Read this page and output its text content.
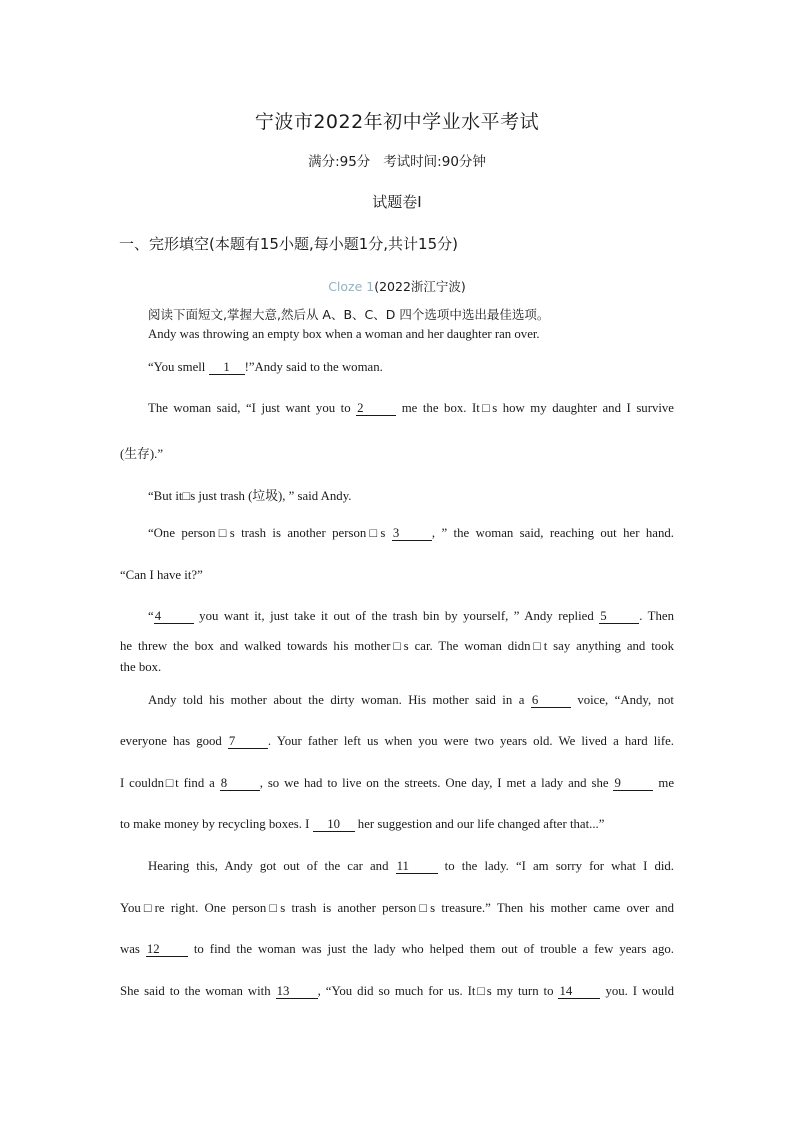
宁波市2022年初中学业水平考试
满分:95分 考试时间:90分钟
试题卷Ⅰ
一、完形填空(本题有15小题,每小题1分,共计15分)
Cloze 1(2022浙江宁波)
阅读下面短文,掌握大意,然后从 A、B、C、D 四个选项中选出最佳选项。
Andy was throwing an empty box when a woman and her daughter ran over.
“You smell 1 !”Andy said to the woman.
The woman said, “I just want you to 2	me the box. It□s how my daughter and I survive
(生存).”
“But it□s just trash (垃圾), ” said Andy.
“One person□s trash is another person□s 3	, ” the woman said, reaching out her hand.
“Can I have it?”
“4	you want it, just take it out of the trash bin by yourself, ” Andy replied 5	. Then
he threw the box and walked towards his mother□s car. The woman didn□t say anything and took
the box.
Andy told his mother about the dirty woman. His mother said in a 6	voice, “Andy, not
everyone has good 7	. Your father left us when you were two years old. We lived a hard life.
I couldn□t find a 8	, so we had to live on the streets. One day, I met a lady and she 9	me
to make money by recycling boxes. I 10 her suggestion and our life changed after that...”
Hearing this, Andy got out of the car and 11 to the lady. “I am sorry for what I did.
You□re right. One person□s trash is another person□s treasure.” Then his mother came over and
was 12 to find the woman was just the lady who helped them out of trouble a few years ago.
She said to the woman with 13 , “You did so much for us. It□s my turn to 14 you. I would
